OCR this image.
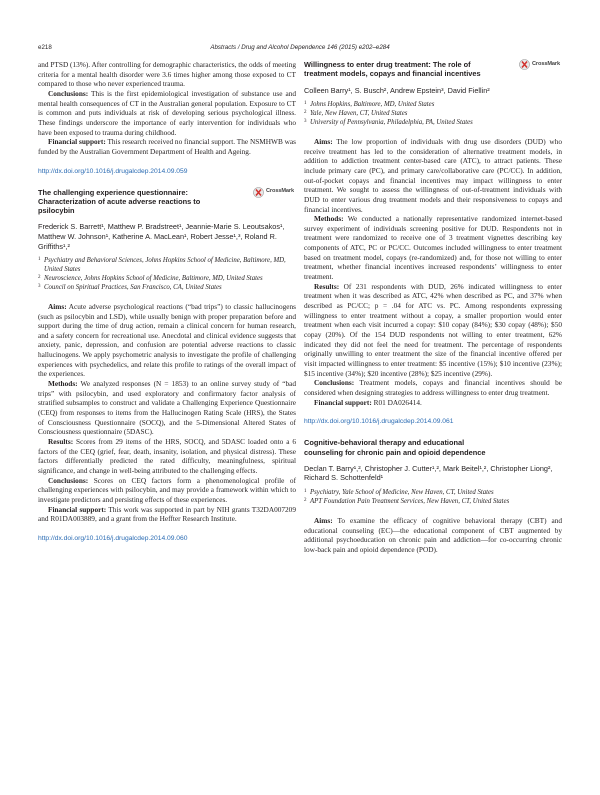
e218	Abstracts / Drug and Alcohol Dependence 146 (2015) e202–e284

and PTSD (13%). After controlling for demographic characteristics, the odds of meeting criteria for a mental health disorder were 3.6 times higher among those exposed to CT compared to those who never experienced trauma.

Conclusions: This is the first epidemiological investigation of substance use and mental health consequences of CT in the Australian general population. Exposure to CT is common and puts individuals at risk of developing serious psychological illness. These findings underscore the importance of early intervention for individuals who have been exposed to trauma during childhood.

Financial support: This research received no financial support. The NSMHWB was funded by the Australian Government Department of Health and Ageing.

http://dx.doi.org/10.1016/j.drugalcdep.2014.09.059
The challenging experience questionnaire: Characterization of acute adverse reactions to psilocybin
CrossMark
Frederick S. Barrett¹, Matthew P. Bradstreet¹, Jeannie-Marie S. Leoutsakos¹, Matthew W. Johnson¹, Katherine A. MacLean¹, Robert Jesse¹,³, Roland R. Griffiths¹,²
1 Psychiatry and Behavioral Sciences, Johns Hopkins School of Medicine, Baltimore, MD, United States
2 Neuroscience, Johns Hopkins School of Medicine, Baltimore, MD, United States
3 Council on Spiritual Practices, San Francisco, CA, United States

Aims: Acute adverse psychological reactions (“bad trips”) to classic hallucinogens (such as psilocybin and LSD), while usually benign with proper preparation before and support during the time of drug action, remain a clinical concern for human research, and a safety concern for recreational use. Anecdotal and clinical evidence suggests that anxiety, panic, depression, and confusion are potential adverse reactions to classic hallucinogens. We apply psychometric analysis to investigate the profile of challenging experiences with psychedelics, and relate this profile to ratings of the overall impact of the experiences.

Methods: We analyzed responses (N = 1853) to an online survey study of “bad trips” with psilocybin, and used exploratory and confirmatory factor analysis of stratified subsamples to construct and validate a Challenging Experience Questionnaire (CEQ) from responses to items from the Hallucinogen Rating Scale (HRS), the States of Consciousness Questionnaire (SOCQ), and the 5-Dimensional Altered States of Consciousness questionnaire (5DASC).

Results: Scores from 29 items of the HRS, SOCQ, and 5DASC loaded onto a 6 factors of the CEQ (grief, fear, death, insanity, isolation, and physical distress). These factors differentially predicted the rated difficulty, meaningfulness, spiritual significance, and change in well-being attributed to the challenging effects.

Conclusions: Scores on CEQ factors form a phenomenological profile of challenging experiences with psilocybin, and may provide a framework within which to investigate predictors and persisting effects of these experiences.

Financial support: This work was supported in part by NIH grants T32DA007209 and R01DA003889, and a grant from the Heffter Research Institute.

http://dx.doi.org/10.1016/j.drugalcdep.2014.09.060
Willingness to enter drug treatment: The role of treatment models, copays and financial incentives
CrossMark
Colleen Barry¹, S. Busch², Andrew Epstein³, David Fiellin²
1 Johns Hopkins, Baltimore, MD, United States
2 Yale, New Haven, CT, United States
3 University of Pennsylvania, Philadelphia, PA, United States

Aims: The low proportion of individuals with drug use disorders (DUD) who receive treatment has led to the consideration of alternative treatment models, in addition to addiction treatment center-based care (ATC), to attract patients. These include primary care (PC), and primary care/collaborative care (PC/CC). In addition, out-of-pocket copays and financial incentives may impact willingness to enter treatment. We sought to assess the willingness of out-of-treatment individuals with DUD to enter various drug treatment models and their responsiveness to copays and financial incentives.

Methods: We conducted a nationally representative randomized internet-based survey experiment of individuals screening positive for DUD. Respondents not in treatment were randomized to receive one of 3 treatment vignettes describing key components of ATC, PC or PC/CC. Outcomes included willingness to enter treatment based on treatment model, copays (re-randomized) and, for those not willing to enter treatment, whether financial incentives increased respondents’ willingness to enter treatment.

Results: Of 231 respondents with DUD, 26% indicated willingness to enter treatment when it was described as ATC, 42% when described as PC, and 37% when described as PC/CC; p = .04 for ATC vs. PC. Among respondents expressing willingness to enter treatment without a copay, a smaller proportion would enter treatment when each visit incurred a copay: $10 copay (84%); $30 copay (48%); $50 copay (20%). Of the 154 DUD respondents not willing to enter treatment, 62% indicated they did not feel the need for treatment. The percentage of respondents originally unwilling to enter treatment the size of the financial incentive offered per visit impacted willingness to enter treatment: $5 incentive (15%); $10 incentive (23%); $15 incentive (34%); $20 incentive (28%); $25 incentive (29%).

Conclusions: Treatment models, copays and financial incentives should be considered when designing strategies to address willingness to enter drug treatment.

Financial support: R01 DA026414.

http://dx.doi.org/10.1016/j.drugalcdep.2014.09.061
Cognitive-behavioral therapy and educational counseling for chronic pain and opioid dependence
Declan T. Barry¹,², Christopher J. Cutter¹,², Mark Beitel¹,², Christopher Liong², Richard S. Schottenfeld¹
1 Psychiatry, Yale School of Medicine, New Haven, CT, United States
2 APT Foundation Pain Treatment Services, New Haven, CT, United States

Aims: To examine the efficacy of cognitive behavioral therapy (CBT) and educational counseling (EC)—the educational component of CBT augmented by additional psychoeducation on chronic pain and addiction—for co-occurring chronic low-back pain and opioid dependence (POD).
